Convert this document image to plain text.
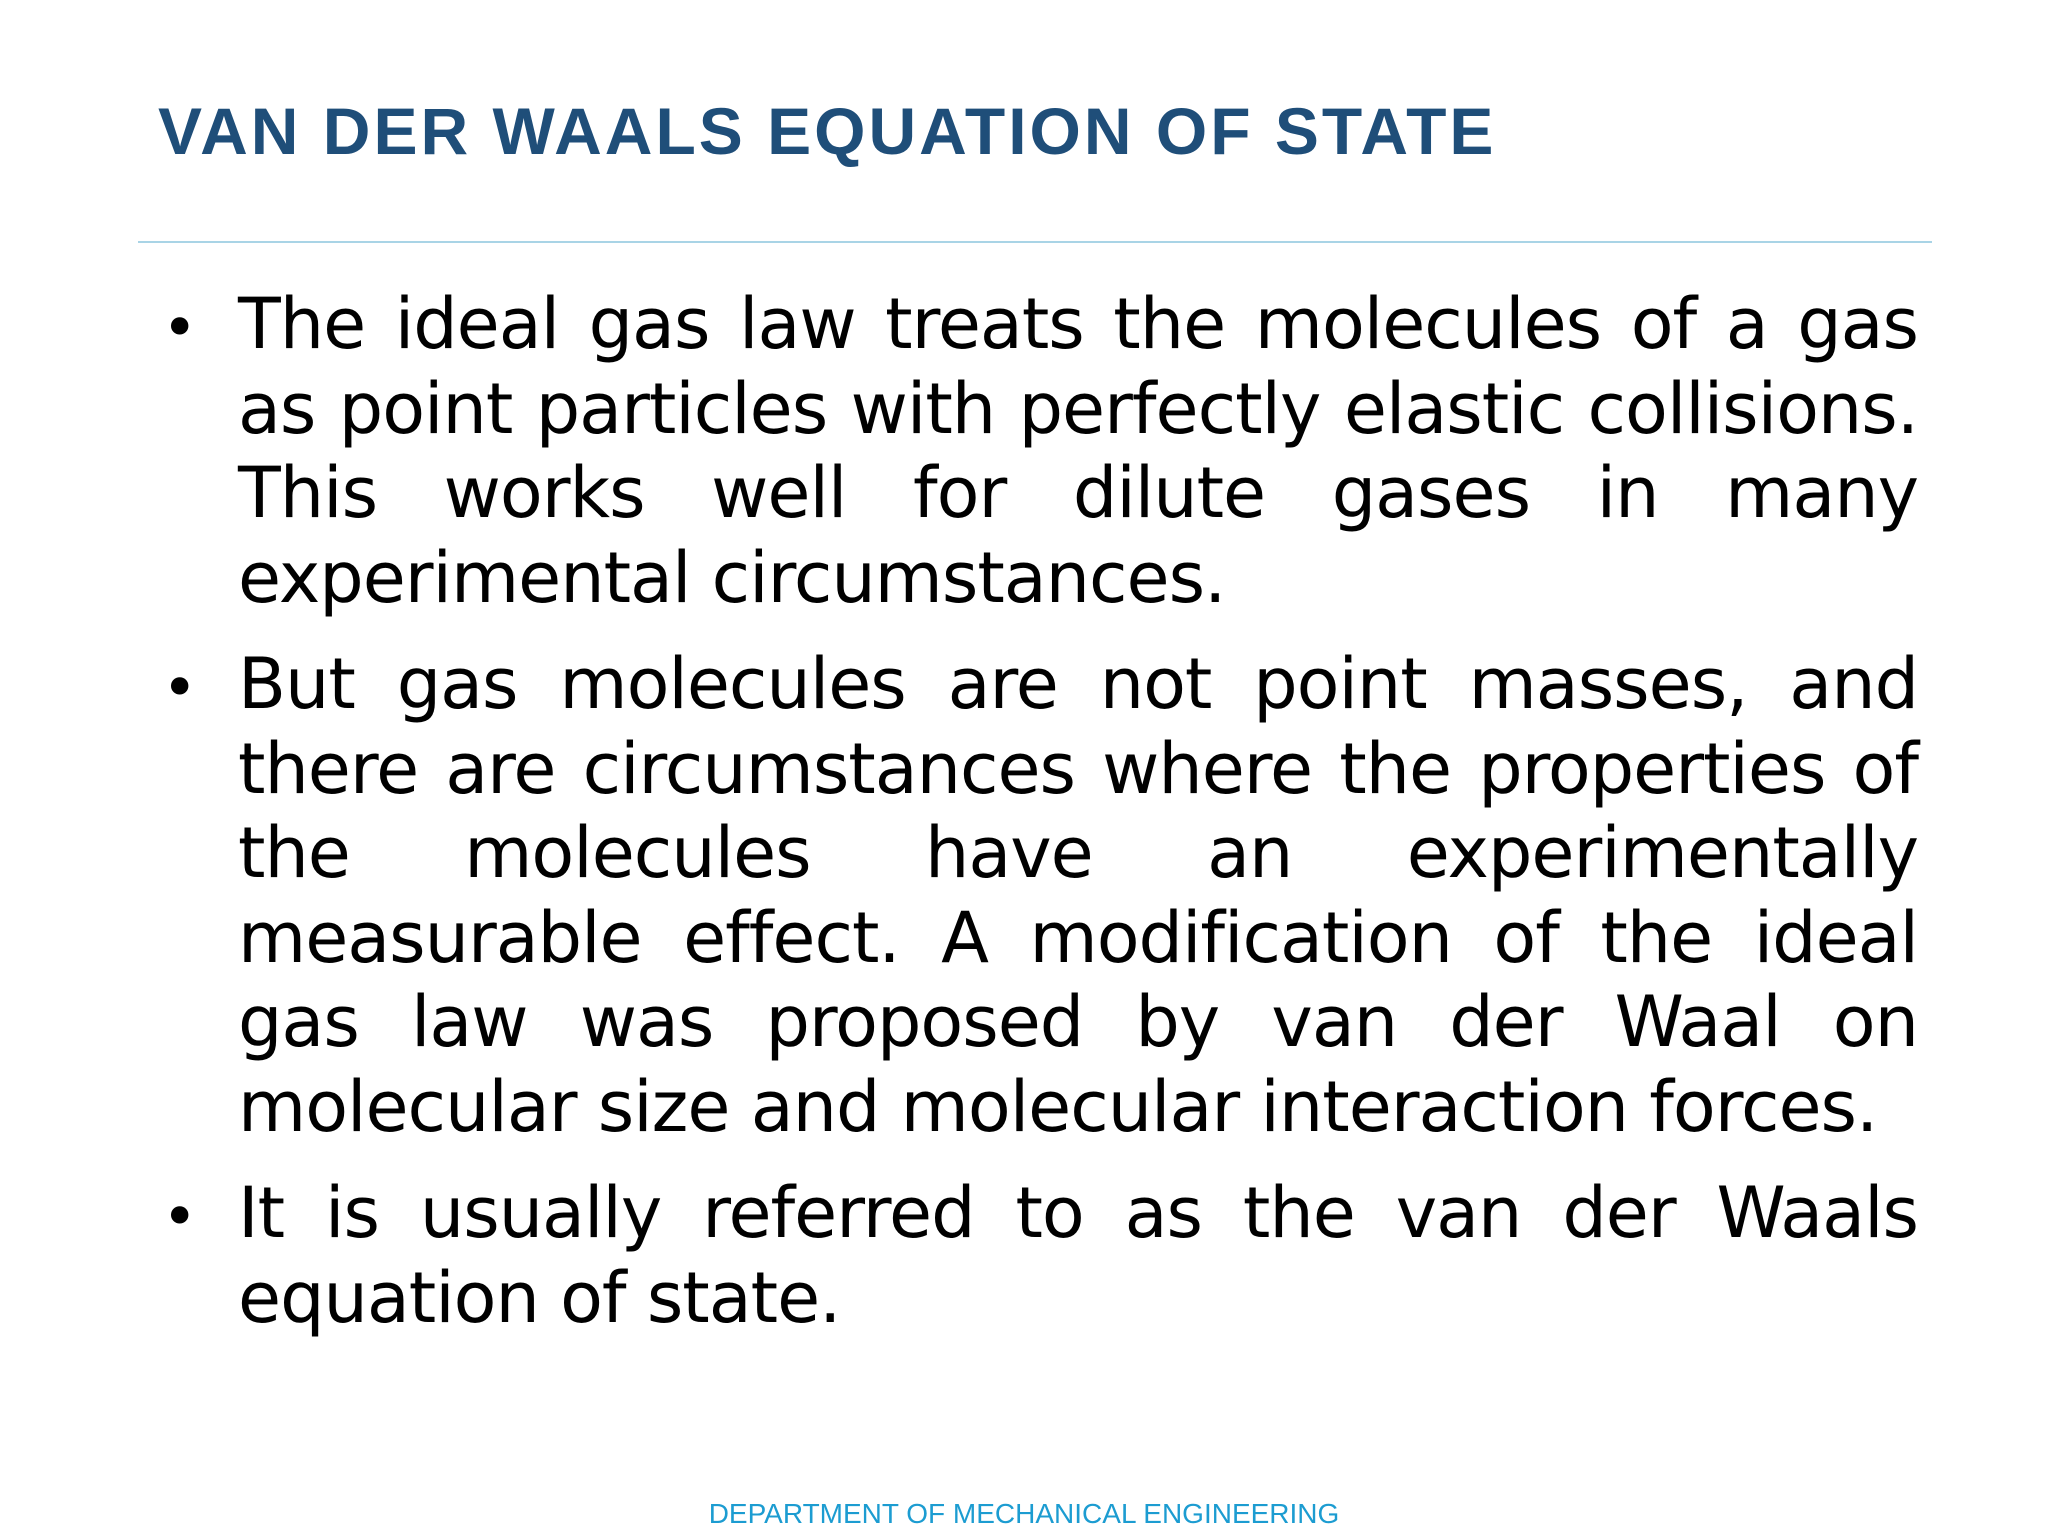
VAN DER WAALS EQUATION OF STATE
• The ideal gas law treats the molecules of a gas as point particles with perfectly elastic collisions. This works well for dilute gases in many experimental circumstances.
• But gas molecules are not point masses, and there are circumstances where the properties of the molecules have an experimentally measurable effect. A modification of the ideal gas law was proposed by van der Waal on molecular size and molecular interaction forces.
• It is usually referred to as the van der Waals equation of state.
DEPARTMENT OF MECHANICAL ENGINEERING
